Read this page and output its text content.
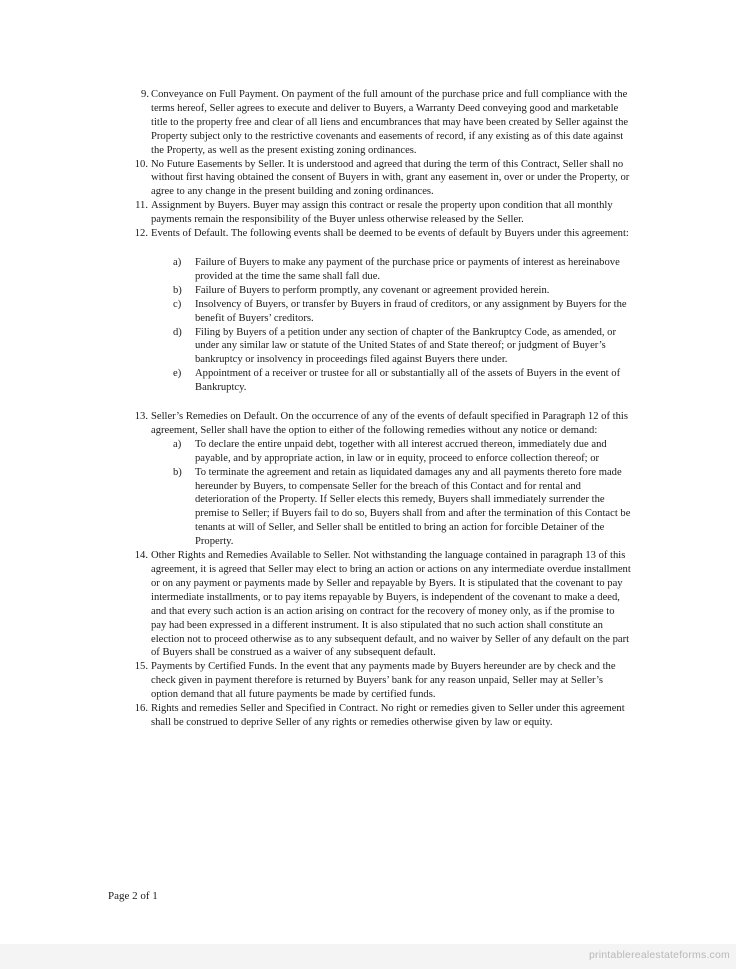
9. Conveyance on Full Payment. On payment of the full amount of the purchase price and full compliance with the terms hereof, Seller agrees to execute and deliver to Buyers, a Warranty Deed conveying good and marketable title to the property free and clear of all liens and encumbrances that may have been created by Seller against the Property subject only to the restrictive covenants and easements of record, if any existing as of this date against the Property, as well as the present existing zoning ordinances.
10. No Future Easements by Seller. It is understood and agreed that during the term of this Contract, Seller shall no without first having obtained the consent of Buyers in with, grant any easement in, over or under the Property, or agree to any change in the present building and zoning ordinances.
11. Assignment by Buyers. Buyer may assign this contract or resale the property upon condition that all monthly payments remain the responsibility of the Buyer unless otherwise released by the Seller.
12. Events of Default. The following events shall be deemed to be events of default by Buyers under this agreement:
a) Failure of Buyers to make any payment of the purchase price or payments of interest as hereinabove provided at the time the same shall fall due.
b) Failure of Buyers to perform promptly, any covenant or agreement provided herein.
c) Insolvency of Buyers, or transfer by Buyers in fraud of creditors, or any assignment by Buyers for the benefit of Buyers’ creditors.
d) Filing by Buyers of a petition under any section of chapter of the Bankruptcy Code, as amended, or under any similar law or statute of the United States of and State thereof; or judgment of Buyer’s bankruptcy or insolvency in proceedings filed against Buyers there under.
e) Appointment of a receiver or trustee for all or substantially all of the assets of Buyers in the event of Bankruptcy.
13. Seller’s Remedies on Default. On the occurrence of any of the events of default specified in Paragraph 12 of this agreement, Seller shall have the option to either of the following remedies without any notice or demand:
a) To declare the entire unpaid debt, together with all interest accrued thereon, immediately due and payable, and by appropriate action, in law or in equity, proceed to enforce collection thereof; or
b) To terminate the agreement and retain as liquidated damages any and all payments thereto fore made hereunder by Buyers, to compensate Seller for the breach of this Contact and for rental and deterioration of the Property. If Seller elects this remedy, Buyers shall immediately surrender the premise to Seller; if Buyers fail to do so, Buyers shall from and after the termination of this Contact be tenants at will of Seller, and Seller shall be entitled to bring an action for forcible Detainer of the Property.
14. Other Rights and Remedies Available to Seller. Not withstanding the language contained in paragraph 13 of this agreement, it is agreed that Seller may elect to bring an action or actions on any intermediate overdue installment or on any payment or payments made by Seller and repayable by Byers. It is stipulated that the covenant to pay intermediate installments, or to pay items repayable by Buyers, is independent of the covenant to make a deed, and that every such action is an action arising on contract for the recovery of money only, as if the promise to pay had been expressed in a different instrument. It is also stipulated that no such action shall constitute an election not to proceed otherwise as to any subsequent default, and no waiver by Seller of any default on the part of Buyers shall be construed as a waiver of any subsequent default.
15. Payments by Certified Funds. In the event that any payments made by Buyers hereunder are by check and the check given in payment therefore is returned by Buyers’ bank for any reason unpaid, Seller may at Seller’s option demand that all future payments be made by certified funds.
16. Rights and remedies Seller and Specified in Contract. No right or remedies given to Seller under this agreement shall be construed to deprive Seller of any rights or remedies otherwise given by law or equity.
Page 2 of 1
printablerealestateforms.com
